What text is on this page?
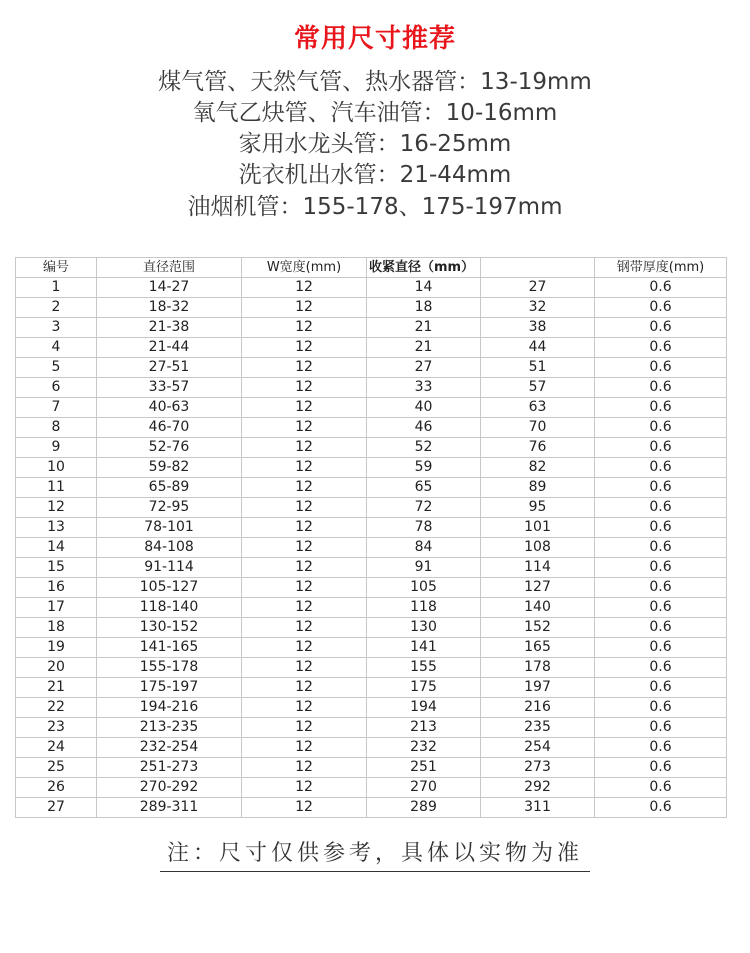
常用尺寸推荐
煤气管、天然气管、热水器管：13-19mm
氧气乙炔管、汽车油管：10-16mm
家用水龙头管：16-25mm
洗衣机出水管：21-44mm
油烟机管：155-178、175-197mm
编号	直径范围	W宽度(mm)	收紧直径（mm）		钢带厚度(mm)
1	14-27	12	14	27	0.6
2	18-32	12	18	32	0.6
3	21-38	12	21	38	0.6
4	21-44	12	21	44	0.6
5	27-51	12	27	51	0.6
6	33-57	12	33	57	0.6
7	40-63	12	40	63	0.6
8	46-70	12	46	70	0.6
9	52-76	12	52	76	0.6
10	59-82	12	59	82	0.6
11	65-89	12	65	89	0.6
12	72-95	12	72	95	0.6
13	78-101	12	78	101	0.6
14	84-108	12	84	108	0.6
15	91-114	12	91	114	0.6
16	105-127	12	105	127	0.6
17	118-140	12	118	140	0.6
18	130-152	12	130	152	0.6
19	141-165	12	141	165	0.6
20	155-178	12	155	178	0.6
21	175-197	12	175	197	0.6
22	194-216	12	194	216	0.6
23	213-235	12	213	235	0.6
24	232-254	12	232	254	0.6
25	251-273	12	251	273	0.6
26	270-292	12	270	292	0.6
27	289-311	12	289	311	0.6
注：尺寸仅供参考，具体以实物为准
